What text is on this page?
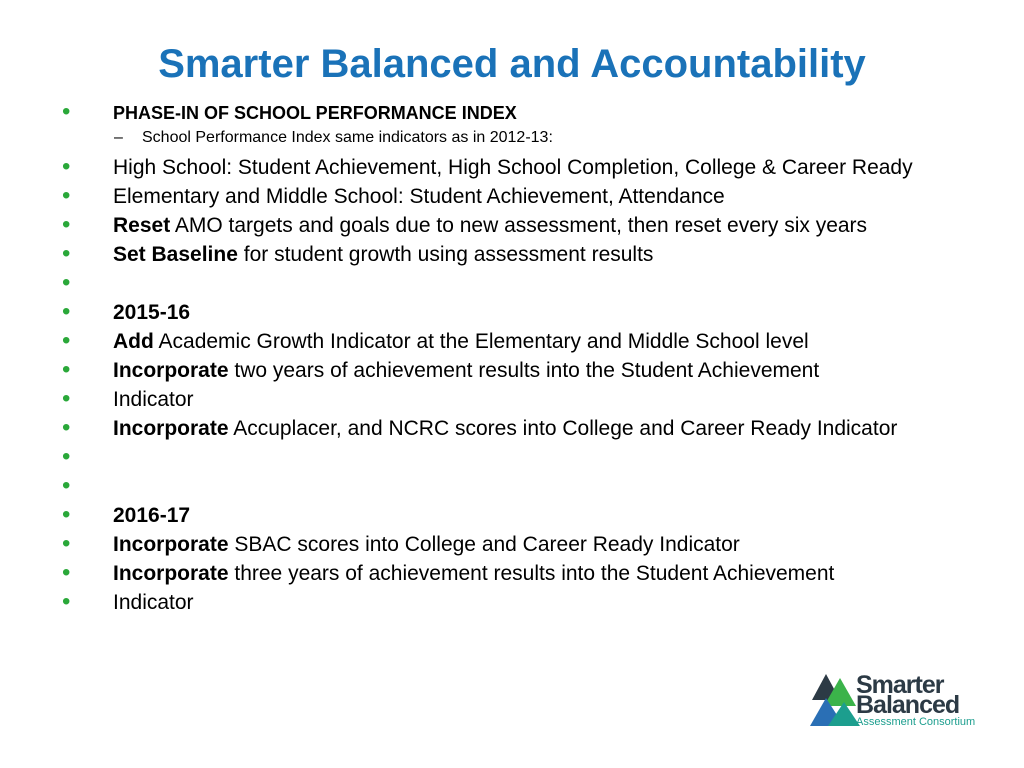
Smarter Balanced and Accountability
• PHASE-IN OF SCHOOL PERFORMANCE INDEX
– School Performance Index same indicators as in 2012-13:
• High School: Student Achievement, High School Completion, College & Career Ready
• Elementary and Middle School: Student Achievement, Attendance
• Reset AMO targets and goals due to new assessment, then reset every six years
• Set Baseline for student growth using assessment results
•
• 2015-16
• Add Academic Growth Indicator at the Elementary and Middle School level
• Incorporate two years of achievement results into the Student Achievement
• Indicator
• Incorporate Accuplacer, and NCRC scores into College and Career Ready Indicator
•
•
• 2016-17
• Incorporate SBAC scores into College and Career Ready Indicator
• Incorporate three years of achievement results into the Student Achievement
• Indicator
Smarter
Balanced
Assessment Consortium
